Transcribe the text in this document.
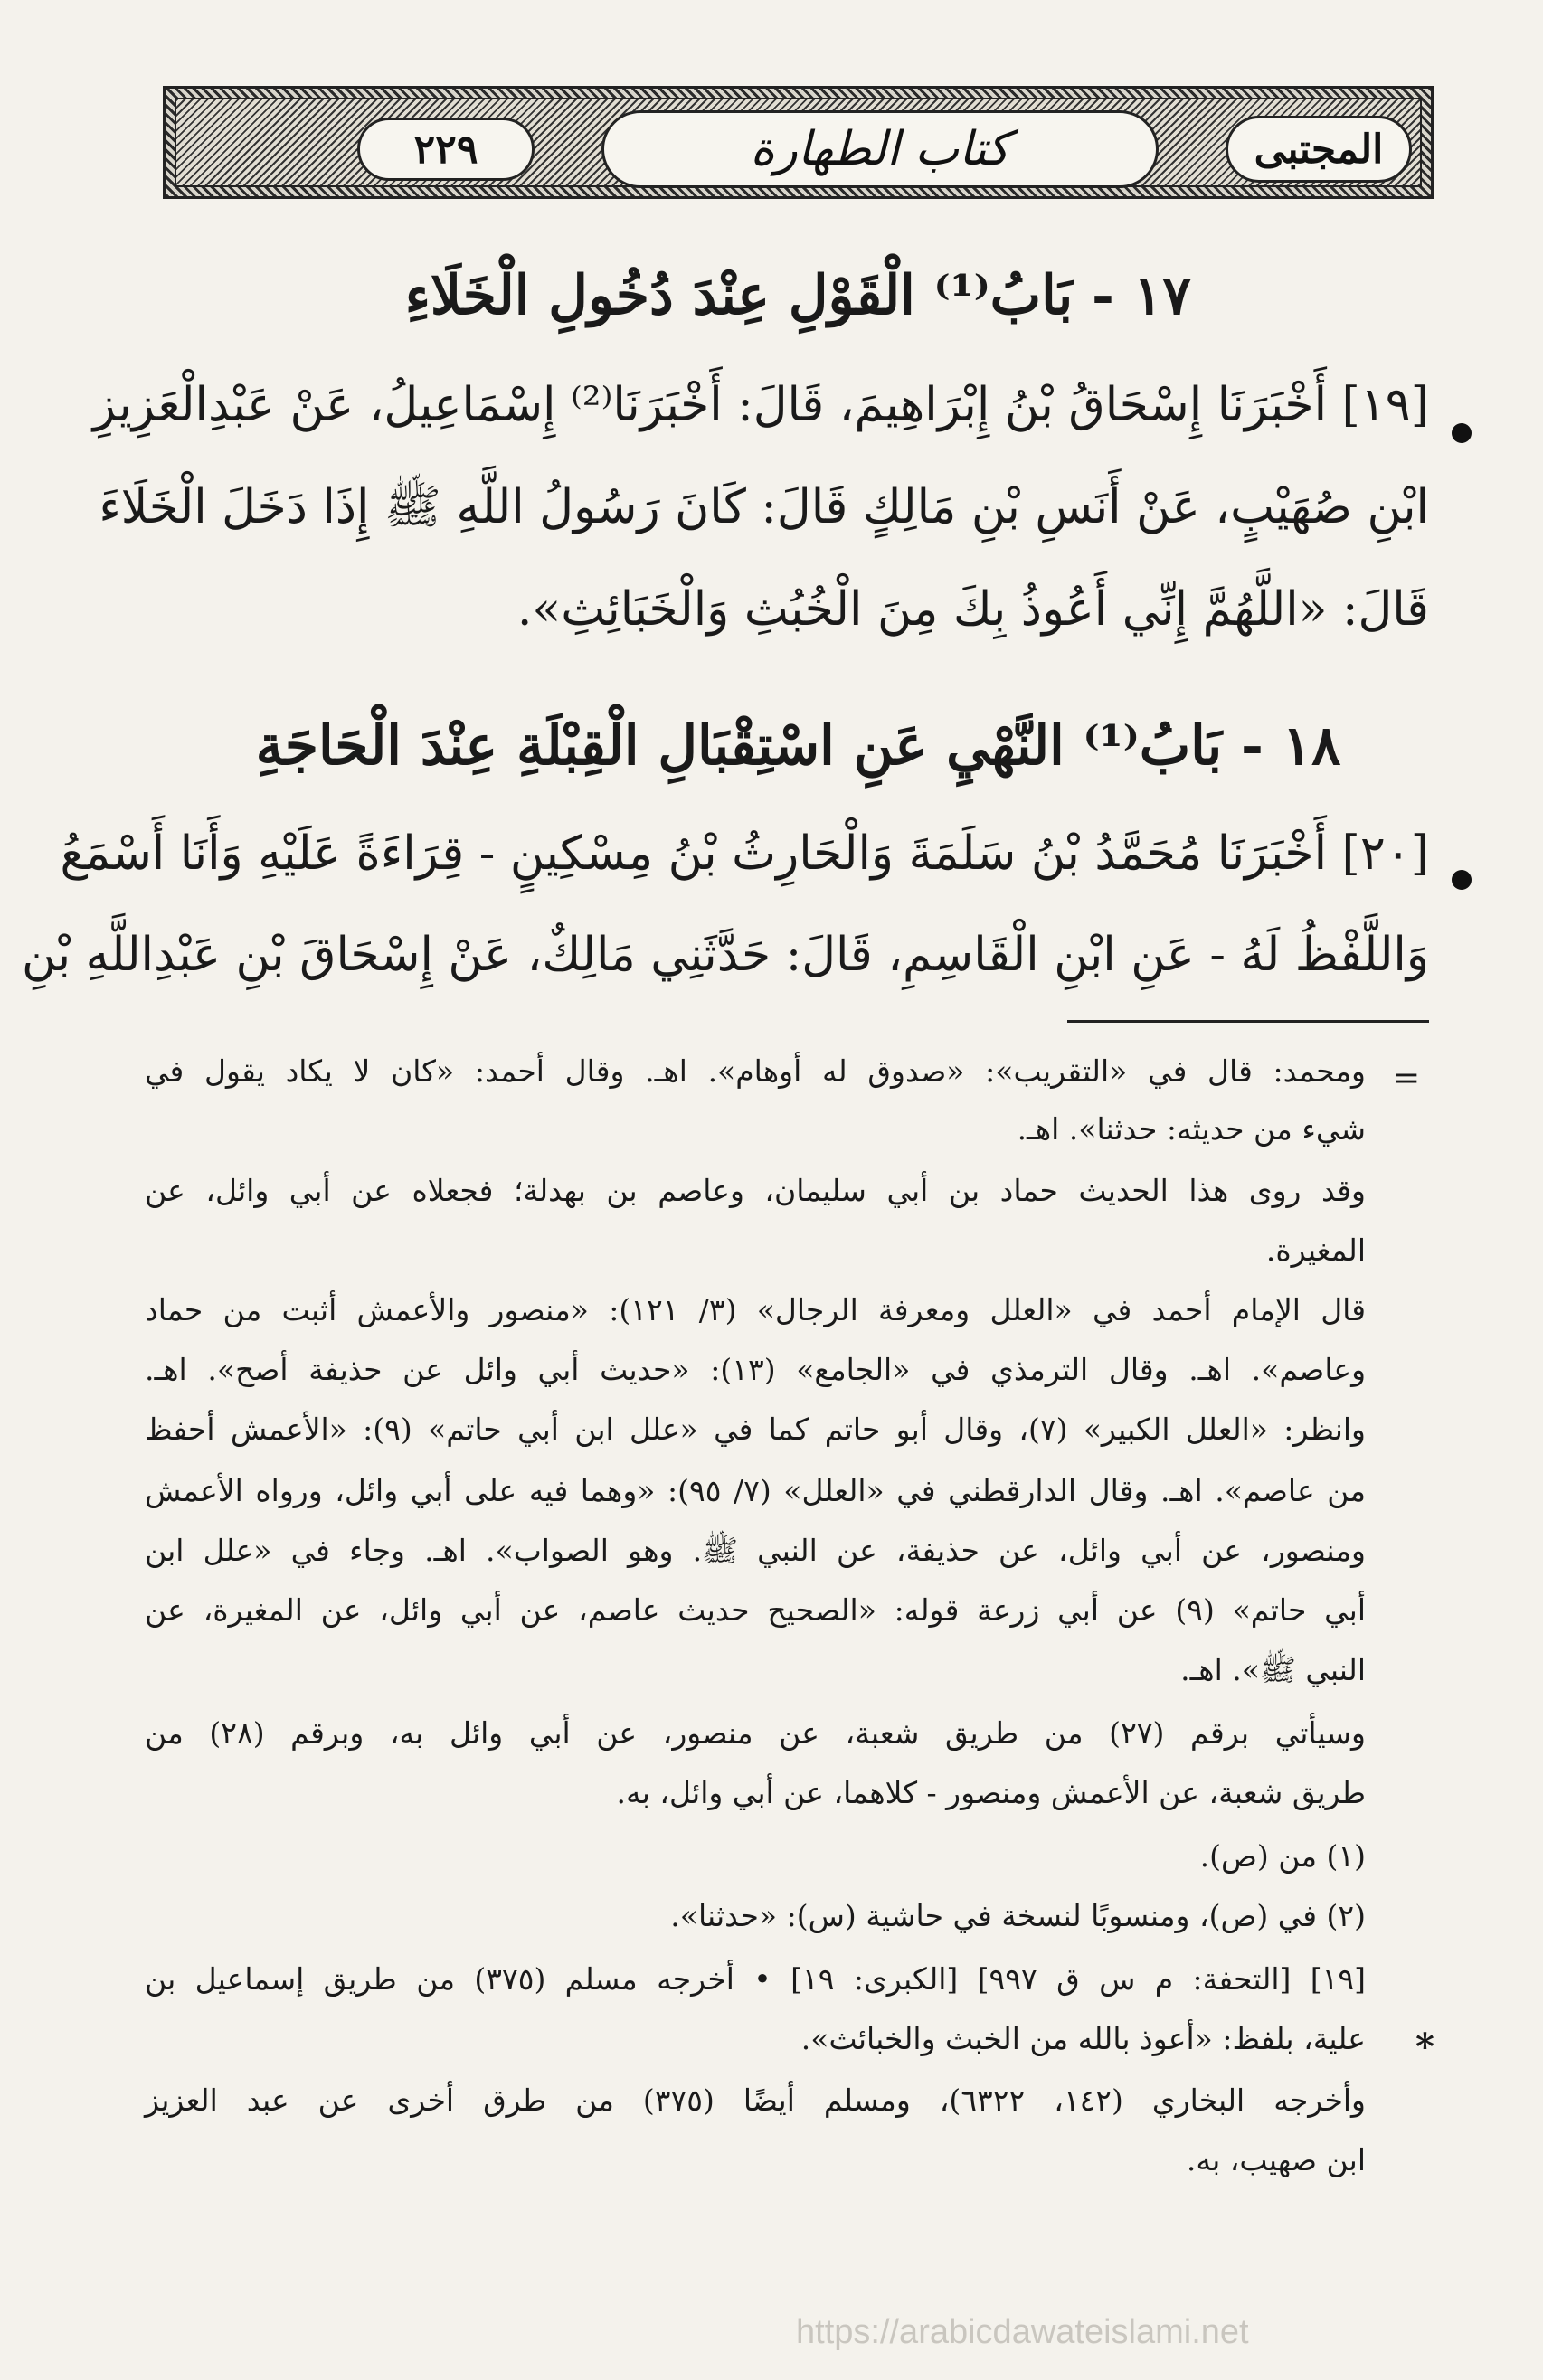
٢٢٩	كتاب الطهارة	المجتبى
١٧ - بَابُ⁽¹⁾ الْقَوْلِ عِنْدَ دُخُولِ الْخَلَاءِ
[١٩] أَخْبَرَنَا إِسْحَاقُ بْنُ إِبْرَاهِيمَ، قَالَ: أَخْبَرَنَا⁽²⁾ إِسْمَاعِيلُ، عَنْ عَبْدِالْعَزِيزِ
ابْنِ صُهَيْبٍ، عَنْ أَنَسِ بْنِ مَالِكٍ قَالَ: كَانَ رَسُولُ اللَّهِ ﷺ إِذَا دَخَلَ الْخَلَاءَ
قَالَ: «اللَّهُمَّ إِنِّي أَعُوذُ بِكَ مِنَ الْخُبُثِ وَالْخَبَائِثِ».
١٨ - بَابُ⁽¹⁾ النَّهْيِ عَنِ اسْتِقْبَالِ الْقِبْلَةِ عِنْدَ الْحَاجَةِ
[٢٠] أَخْبَرَنَا مُحَمَّدُ بْنُ سَلَمَةَ وَالْحَارِثُ بْنُ مِسْكِينٍ - قِرَاءَةً عَلَيْهِ وَأَنَا أَسْمَعُ
وَاللَّفْظُ لَهُ - عَنِ ابْنِ الْقَاسِمِ، قَالَ: حَدَّثَنِي مَالِكٌ، عَنْ إِسْحَاقَ بْنِ عَبْدِاللَّهِ بْنِ
=
ومحمد: قال في «التقريب»: «صدوق له أوهام». اهـ. وقال أحمد: «كان لا يكاد يقول في
شيء من حديثه: حدثنا». اهـ.
وقد روى هذا الحديث حماد بن أبي سليمان، وعاصم بن بهدلة؛ فجعلاه عن أبي وائل، عن
المغيرة.
قال الإمام أحمد في «العلل ومعرفة الرجال» (٣/ ١٢١): «منصور والأعمش أثبت من حماد
وعاصم». اهـ. وقال الترمذي في «الجامع» (١٣): «حديث أبي وائل عن حذيفة أصح». اهـ.
وانظر: «العلل الكبير» (٧)، وقال أبو حاتم كما في «علل ابن أبي حاتم» (٩): «الأعمش أحفظ
من عاصم». اهـ. وقال الدارقطني في «العلل» (٧/ ٩٥): «وهما فيه على أبي وائل، ورواه الأعمش
ومنصور، عن أبي وائل، عن حذيفة، عن النبي ﷺ. وهو الصواب». اهـ. وجاء في «علل ابن
أبي حاتم» (٩) عن أبي زرعة قوله: «الصحيح حديث عاصم، عن أبي وائل، عن المغيرة، عن
النبي ﷺ». اهـ.
وسيأتي برقم (٢٧) من طريق شعبة، عن منصور، عن أبي وائل به، وبرقم (٢٨) من
طريق شعبة، عن الأعمش ومنصور - كلاهما، عن أبي وائل، به.
(١) من (ص).
(٢) في (ص)، ومنسوبًا لنسخة في حاشية (س): «حدثنا».
*
[١٩] [التحفة: م س ق ٩٩٧] [الكبرى: ١٩] • أخرجه مسلم (٣٧٥) من طريق إسماعيل بن
علية، بلفظ: «أعوذ بالله من الخبث والخبائث».
وأخرجه البخاري (١٤٢، ٦٣٢٢)، ومسلم أيضًا (٣٧٥) من طرق أخرى عن عبد العزيز
ابن صهيب، به.
https://arabicdawateislami.net
